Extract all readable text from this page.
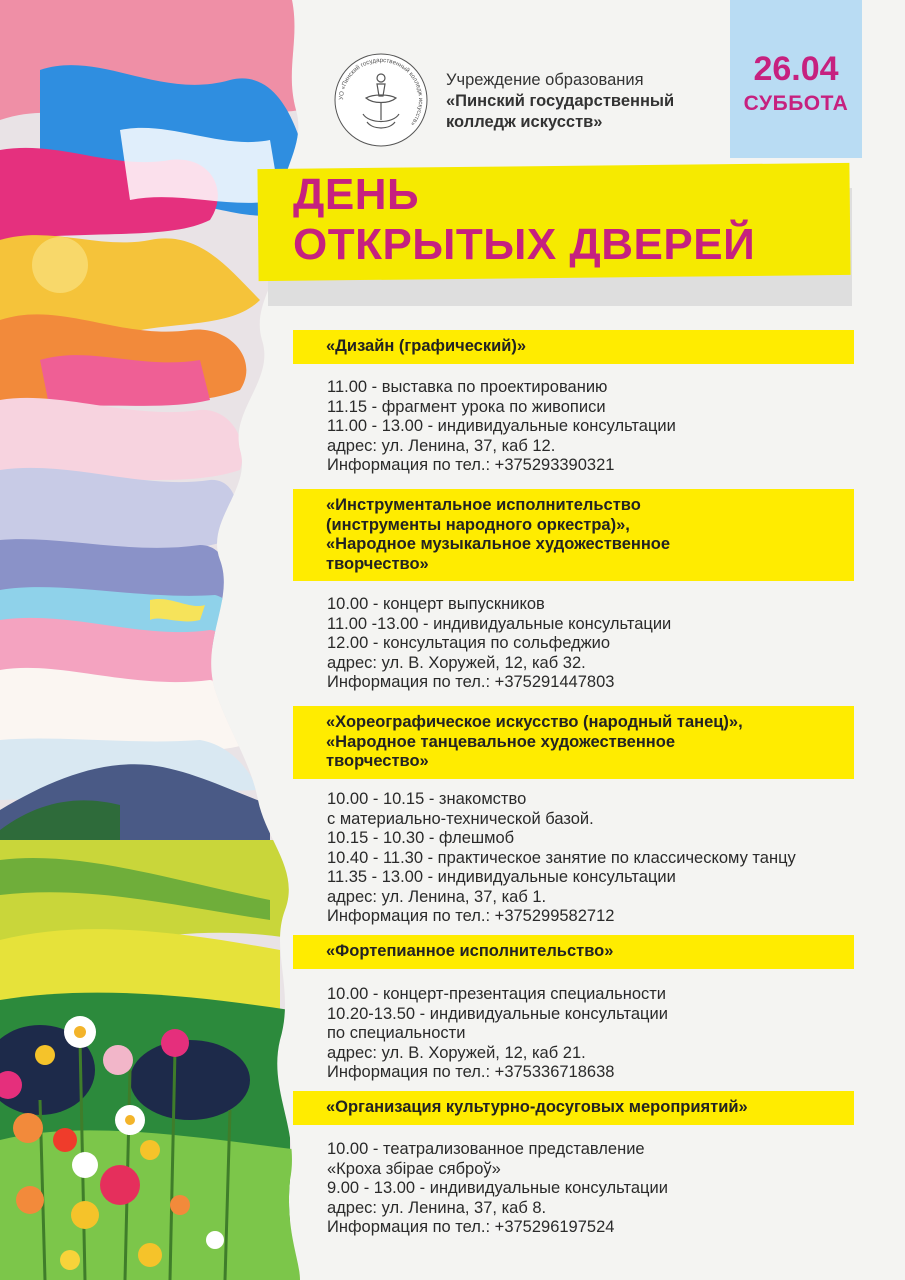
УО «Пинский государственный колледж искусств»
Учреждение образования
«Пинский государственный
колледж искусств»
26.04
СУББОТА
ДЕНЬ
ОТКРЫТЫХ ДВЕРЕЙ
«Дизайн (графический)»
11.00 - выставка по проектированию
11.15 - фрагмент урока по живописи
11.00 - 13.00 - индивидуальные консультации
адрес: ул. Ленина, 37, каб 12.
Информация по тел.: +375293390321
«Инструментальное исполнительство
(инструменты народного оркестра)»,
«Народное музыкальное художественное
творчество»
10.00 - концерт выпускников
11.00 -13.00 - индивидуальные консультации
12.00 - консультация по сольфеджио
адрес: ул. В. Хоружей, 12, каб 32.
Информация по тел.: +375291447803
«Хореографическое искусство (народный танец)»,
«Народное танцевальное художественное
творчество»
10.00 - 10.15 - знакомство
с материально-технической базой.
10.15 - 10.30 - флешмоб
10.40 - 11.30 - практическое занятие по классическому танцу
11.35 - 13.00 - индивидуальные консультации
адрес: ул. Ленина, 37, каб 1.
Информация по тел.: +375299582712
«Фортепианное исполнительство»
10.00 - концерт-презентация специальности
10.20-13.50 - индивидуальные консультации
по специальности
адрес: ул. В. Хоружей, 12, каб 21.
Информация по тел.: +375336718638
«Организация культурно-досуговых мероприятий»
10.00 - театрализованное представление
«Кроха збірае сяброў»
9.00 - 13.00 - индивидуальные консультации
адрес: ул. Ленина, 37, каб 8.
Информация по тел.: +375296197524
